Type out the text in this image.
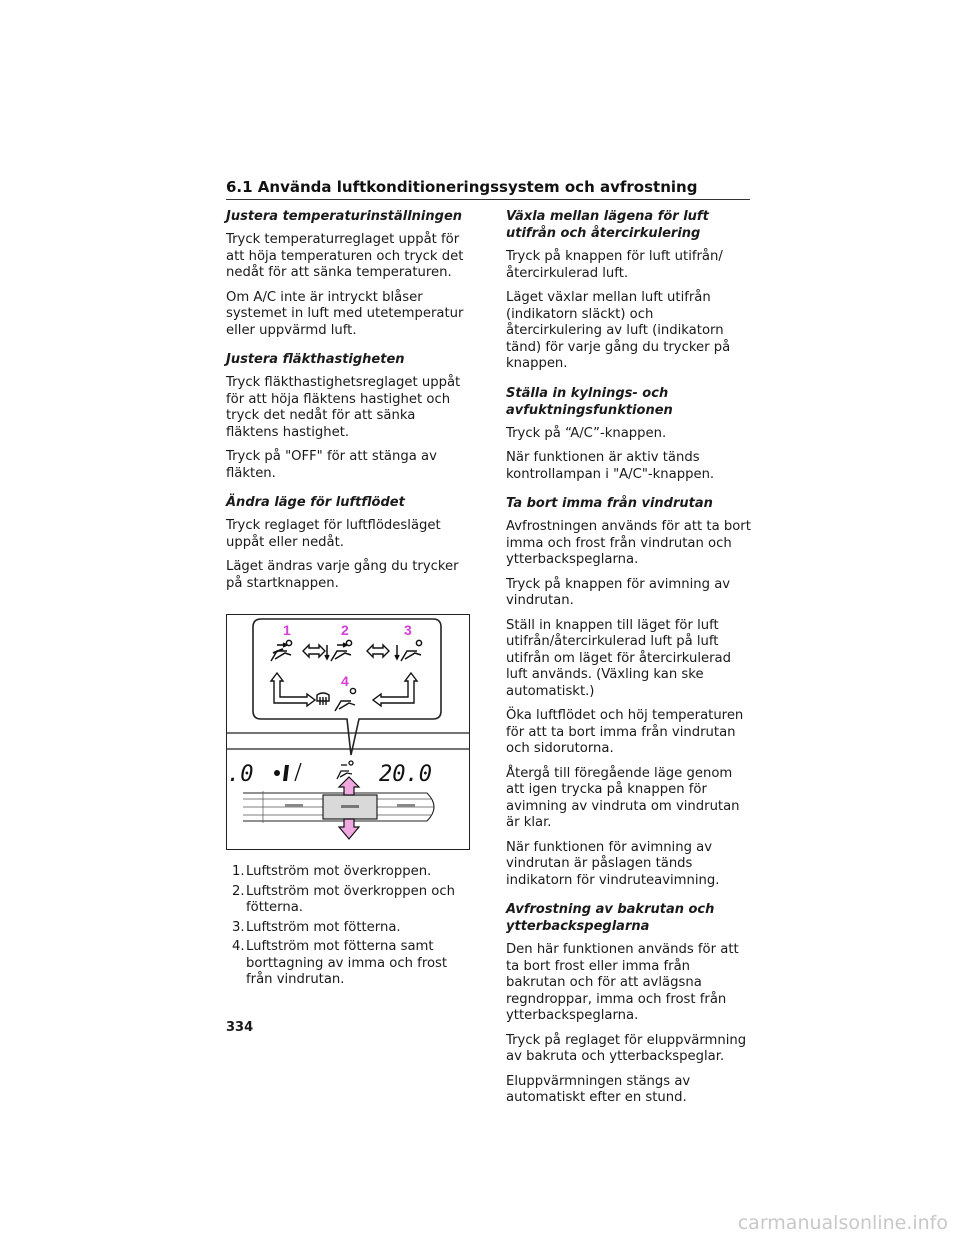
6.1 Använda luftkonditioneringssystem och avfrostning
Justera temperaturinställningen

Tryck temperaturreglaget uppåt för att höja temperaturen och tryck det nedåt för att sänka temperaturen.

Om A/C inte är intryckt blåser systemet in luft med utetemperatur eller uppvärmd luft.

Justera fläkthastigheten

Tryck fläkthastighetsreglaget uppåt för att höja fläktens hastighet och tryck det nedåt för att sänka fläktens hastighet.

Tryck på "OFF" för att stänga av fläkten.

Ändra läge för luftflödet

Tryck reglaget för luftflödesläget uppåt eller nedåt.

Läget ändras varje gång du trycker på startknappen.

1	2	3
4
.0	20.0
1. Luftström mot överkroppen.
2. Luftström mot överkroppen och fötterna.
3. Luftström mot fötterna.
4. Luftström mot fötterna samt borttagning av imma och frost från vindrutan.
Växla mellan lägena för luft utifrån och återcirkulering

Tryck på knappen för luft utifrån/ återcirkulerad luft.

Läget växlar mellan luft utifrån (indikatorn släckt) och återcirkulering av luft (indikatorn tänd) för varje gång du trycker på knappen.

Ställa in kylnings- och avfuktningsfunktionen

Tryck på “A/C”-knappen.

När funktionen är aktiv tänds kontrollampan i "A/C"-knappen.

Ta bort imma från vindrutan

Avfrostningen används för att ta bort imma och frost från vindrutan och ytterbackspeglarna.

Tryck på knappen för avimning av vindrutan.

Ställ in knappen till läget för luft utifrån/återcirkulerad luft på luft utifrån om läget för återcirkulerad luft används. (Växling kan ske automatiskt.)

Öka luftflödet och höj temperaturen för att ta bort imma från vindrutan och sidorutorna.

Återgå till föregående läge genom att igen trycka på knappen för avimning av vindruta om vindrutan är klar.

När funktionen för avimning av vindrutan är påslagen tänds indikatorn för vindruteavimning.

Avfrostning av bakrutan och ytterbackspeglarna

Den här funktionen används för att ta bort frost eller imma från bakrutan och för att avlägsna regndroppar, imma och frost från ytterbackspeglarna.

Tryck på reglaget för eluppvärmning av bakruta och ytterbackspeglar.

Eluppvärmningen stängs av automatiskt efter en stund.

334
carmanualsonline.info
